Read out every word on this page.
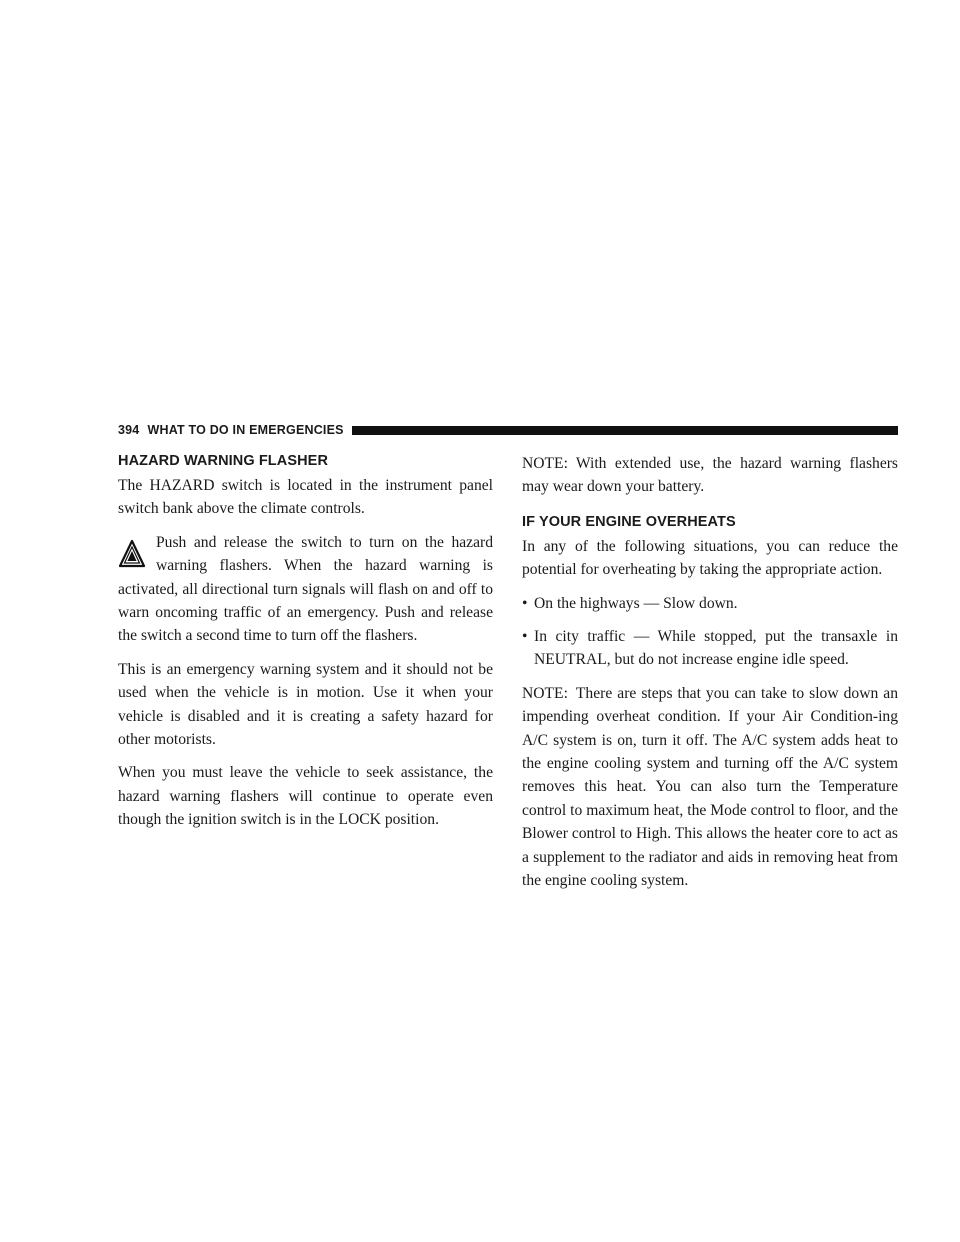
394 WHAT TO DO IN EMERGENCIES
HAZARD WARNING FLASHER

The HAZARD switch is located in the instrument panel switch bank above the climate controls.

Push and release the switch to turn on the hazard warning flashers. When the hazard warning is activated, all directional turn signals will flash on and off to warn oncoming traffic of an emergency. Push and release the switch a second time to turn off the flashers.

This is an emergency warning system and it should not be used when the vehicle is in motion. Use it when your vehicle is disabled and it is creating a safety hazard for other motorists.

When you must leave the vehicle to seek assistance, the hazard warning flashers will continue to operate even though the ignition switch is in the LOCK position.

NOTE: With extended use, the hazard warning flashers may wear down your battery.

IF YOUR ENGINE OVERHEATS

In any of the following situations, you can reduce the potential for overheating by taking the appropriate action.

• On the highways — Slow down.
• In city traffic — While stopped, put the transaxle in NEUTRAL, but do not increase engine idle speed.

NOTE: There are steps that you can take to slow down an impending overheat condition. If your Air Condition-ing A/C system is on, turn it off. The A/C system adds heat to the engine cooling system and turning off the A/C system removes this heat. You can also turn the Temperature control to maximum heat, the Mode control to floor, and the Blower control to High. This allows the heater core to act as a supplement to the radiator and aids in removing heat from the engine cooling system.
